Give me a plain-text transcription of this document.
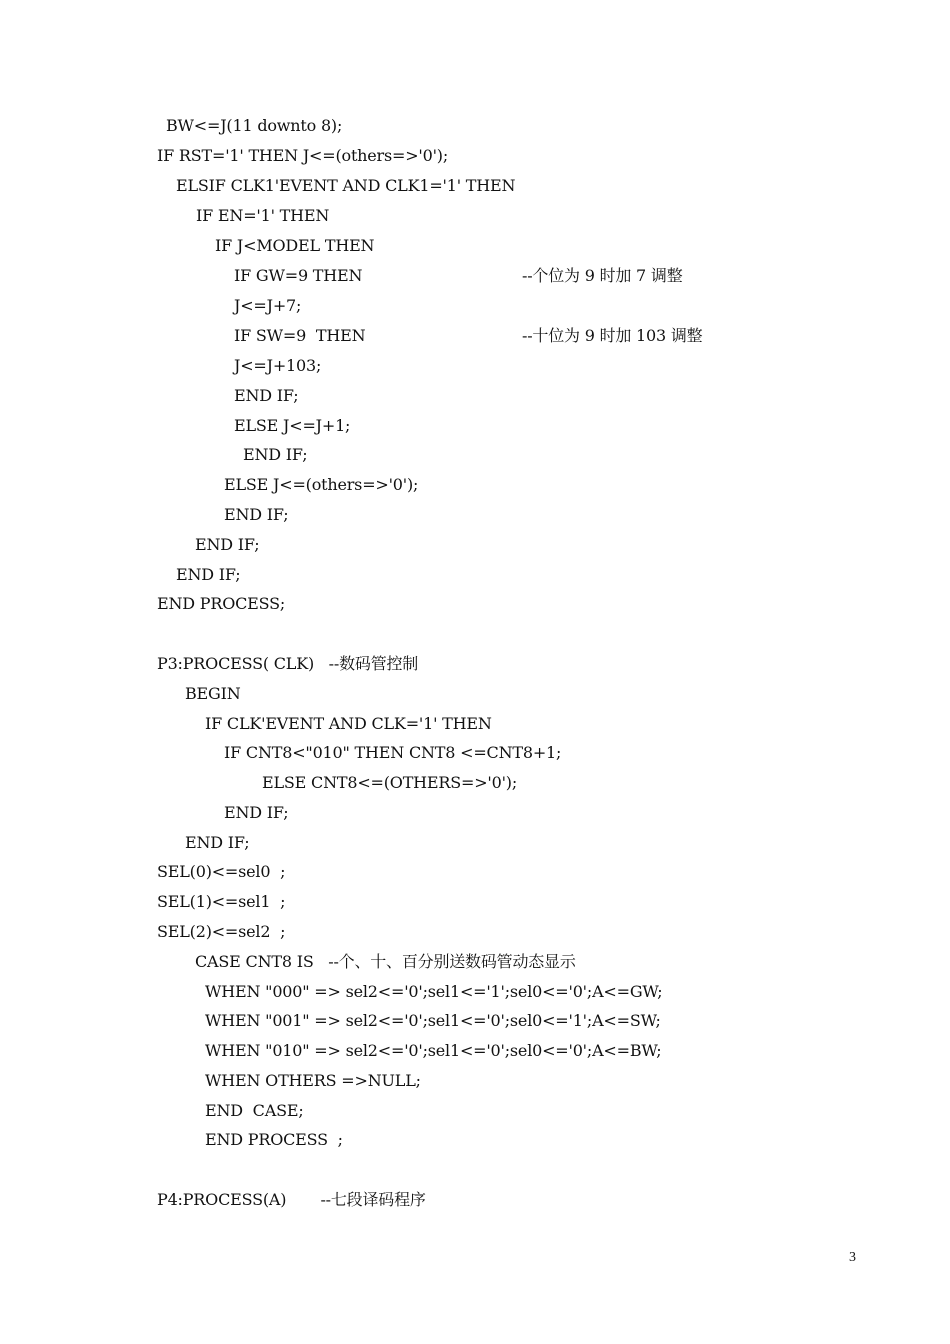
BW<=J(11 downto 8);
IF RST='1' THEN J<=(others=>'0');
ELSIF CLK1'EVENT AND CLK1='1' THEN
IF EN='1' THEN
IF J<MODEL THEN
IF GW=9 THEN	--个位为 9 时加 7 调整
J<=J+7;
IF SW=9  THEN	--十位为 9 时加 103 调整
J<=J+103;
END IF;
ELSE J<=J+1;
END IF;
ELSE J<=(others=>'0');
END IF;
END IF;
END IF;
END PROCESS;
P3:PROCESS( CLK)   --数码管控制
BEGIN
IF CLK'EVENT AND CLK='1' THEN
IF CNT8<"010" THEN CNT8 <=CNT8+1;
ELSE CNT8<=(OTHERS=>'0');
END IF;
END IF;
SEL(0)<=sel0  ;
SEL(1)<=sel1  ;
SEL(2)<=sel2  ;
CASE CNT8 IS   --个、十、百分别送数码管动态显示
WHEN "000" => sel2<='0';sel1<='1';sel0<='0';A<=GW;
WHEN "001" => sel2<='0';sel1<='0';sel0<='1';A<=SW;
WHEN "010" => sel2<='0';sel1<='0';sel0<='0';A<=BW;
WHEN OTHERS =>NULL;
END  CASE;
END PROCESS  ;
P4:PROCESS(A)       --七段译码程序
3
